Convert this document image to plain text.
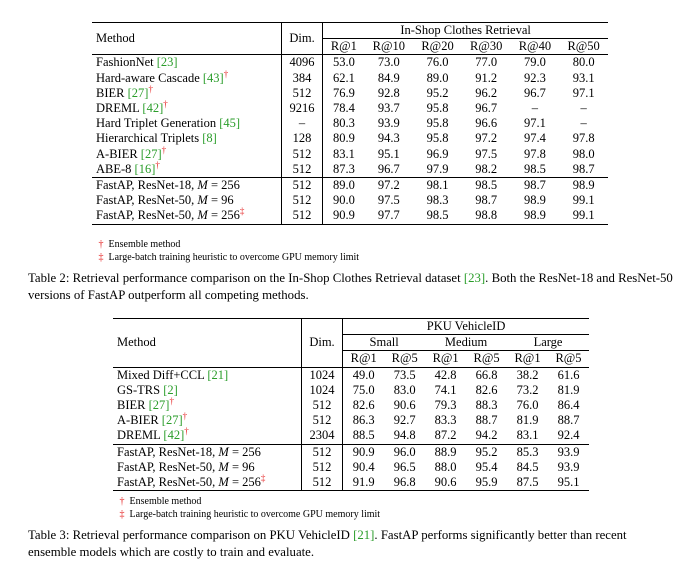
Method	Dim.	In-Shop Clothes Retrieval					
		R@1	R@10	R@20	R@30	R@40	R@50
FashionNet [23]	4096	53.0	73.0	76.0	77.0	79.0	80.0
Hard-aware Cascade [43]†	384	62.1	84.9	89.0	91.2	92.3	93.1
BIER [27]†	512	76.9	92.8	95.2	96.2	96.7	97.1
DREML [42]†	9216	78.4	93.7	95.8	96.7	–	–
Hard Triplet Generation [45]	–	80.3	93.9	95.8	96.6	97.1	–
Hierarchical Triplets [8]	128	80.9	94.3	95.8	97.2	97.4	97.8
A-BIER [27]†	512	83.1	95.1	96.9	97.5	97.8	98.0
ABE-8 [16]†	512	87.3	96.7	97.9	98.2	98.5	98.7
FastAP, ResNet-18, M = 256	512	89.0	97.2	98.1	98.5	98.7	98.9
FastAP, ResNet-50, M = 96	512	90.0	97.5	98.3	98.7	98.9	99.1
FastAP, ResNet-50, M = 256‡	512	90.9	97.7	98.5	98.8	98.9	99.1
† Ensemble method
‡ Large-batch training heuristic to overcome GPU memory limit
Table 2: Retrieval performance comparison on the In-Shop Clothes Retrieval dataset [23]. Both the ResNet-18 and ResNet-50 versions of FastAP outperform all competing methods.
Method	Dim.	PKU VehicleID					
		Small		Medium		Large	
		R@1	R@5	R@1	R@5	R@1	R@5
Mixed Diff+CCL [21]	1024	49.0	73.5	42.8	66.8	38.2	61.6
GS-TRS [2]	1024	75.0	83.0	74.1	82.6	73.2	81.9
BIER [27]†	512	82.6	90.6	79.3	88.3	76.0	86.4
A-BIER [27]†	512	86.3	92.7	83.3	88.7	81.9	88.7
DREML [42]†	2304	88.5	94.8	87.2	94.2	83.1	92.4
FastAP, ResNet-18, M = 256	512	90.9	96.0	88.9	95.2	85.3	93.9
FastAP, ResNet-50, M = 96	512	90.4	96.5	88.0	95.4	84.5	93.9
FastAP, ResNet-50, M = 256‡	512	91.9	96.8	90.6	95.9	87.5	95.1
† Ensemble method
‡ Large-batch training heuristic to overcome GPU memory limit
Table 3: Retrieval performance comparison on PKU VehicleID [21]. FastAP performs significantly better than recent ensemble models which are costly to train and evaluate.
